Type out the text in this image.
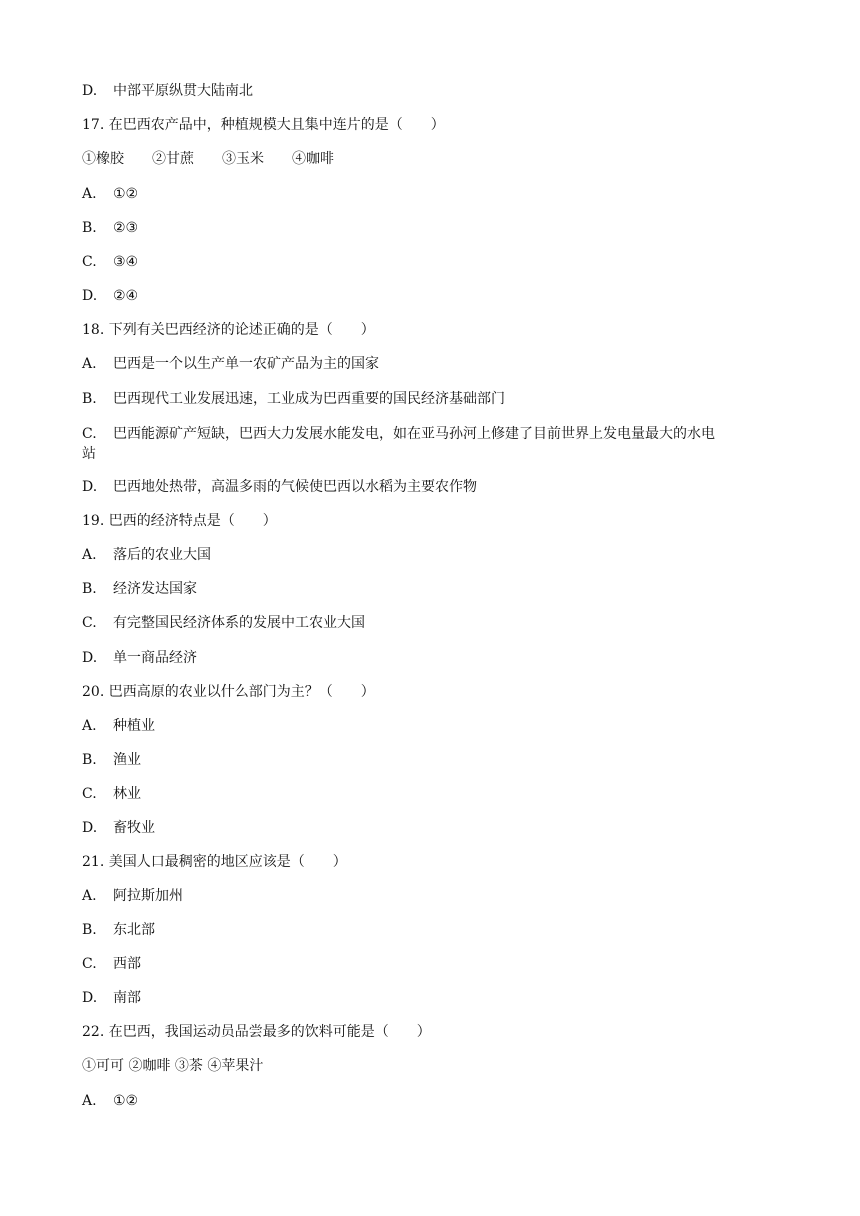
D. 中部平原纵贯大陆南北
17. 在巴西农产品中，种植规模大且集中连片的是（　　）
①橡胶　　②甘蔗　　③玉米　　④咖啡
A. ①②
B. ②③
C. ③④
D. ②④
18. 下列有关巴西经济的论述正确的是（　　）
A. 巴西是一个以生产单一农矿产品为主的国家
B. 巴西现代工业发展迅速，工业成为巴西重要的国民经济基础部门
C. 巴西能源矿产短缺，巴西大力发展水能发电，如在亚马孙河上修建了目前世界上发电量最大的水电
站
D. 巴西地处热带，高温多雨的气候使巴西以水稻为主要农作物
19. 巴西的经济特点是（　　）
A. 落后的农业大国
B. 经济发达国家
C. 有完整国民经济体系的发展中工农业大国
D. 单一商品经济
20. 巴西高原的农业以什么部门为主？（　　）
A. 种植业
B. 渔业
C. 林业
D. 畜牧业
21. 美国人口最稠密的地区应该是（　　）
A. 阿拉斯加州
B. 东北部
C. 西部
D. 南部
22. 在巴西，我国运动员品尝最多的饮料可能是（　　）
①可可 ②咖啡 ③茶 ④苹果汁
A. ①②
